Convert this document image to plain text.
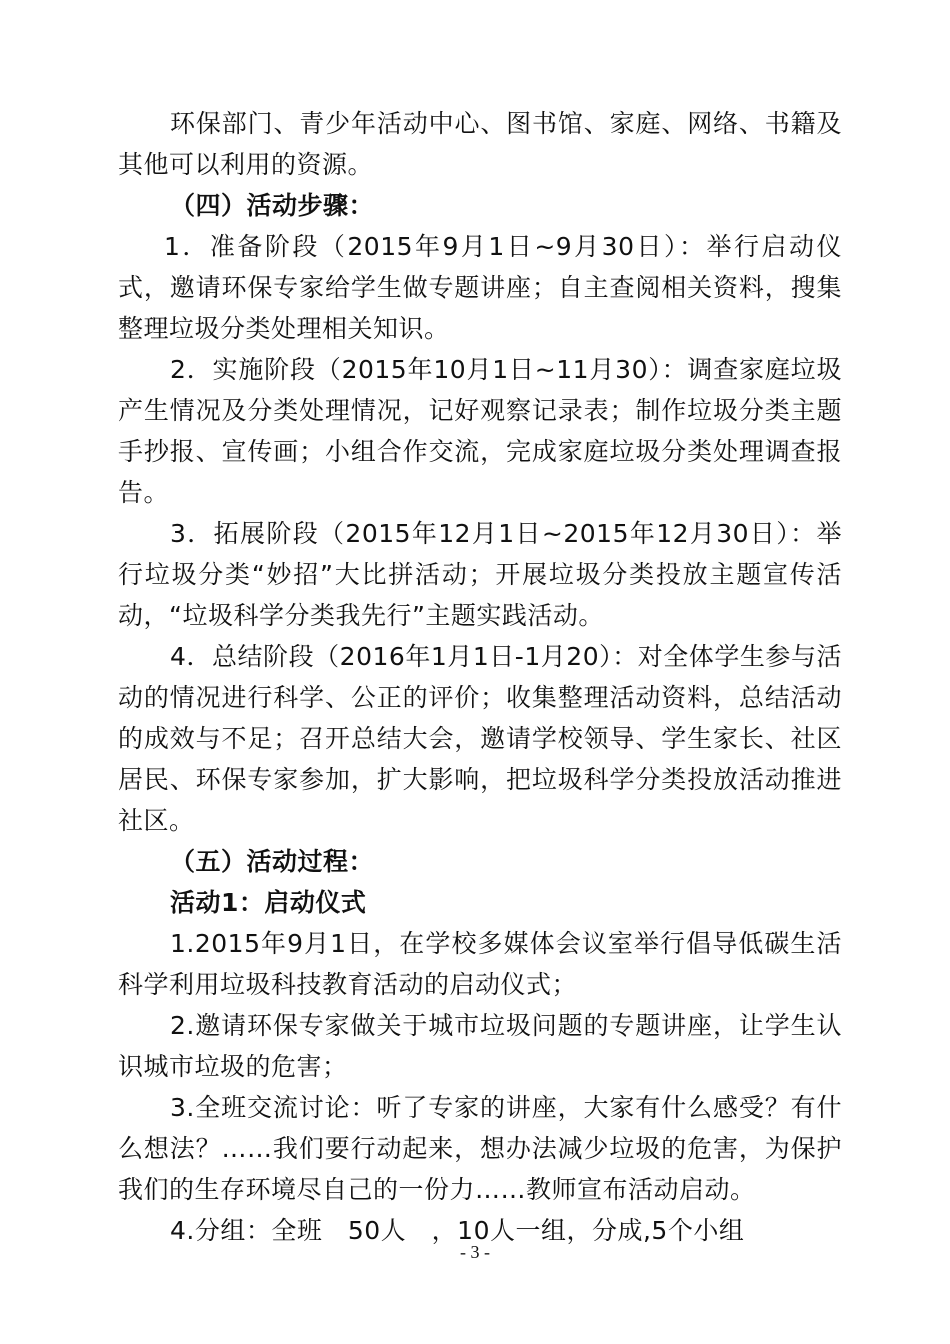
环保部门、青少年活动中心、图书馆、家庭、网络、书籍及其他可以利用的资源。

（四）活动步骤：

1．准备阶段（2015年9月1日~9月30日）：举行启动仪式，邀请环保专家给学生做专题讲座；自主查阅相关资料，搜集整理垃圾分类处理相关知识。

2．实施阶段（2015年10月1日~11月30）：调查家庭垃圾产生情况及分类处理情况，记好观察记录表；制作垃圾分类主题手抄报、宣传画；小组合作交流，完成家庭垃圾分类处理调查报告。

3．拓展阶段（2015年12月1日~2015年12月30日）：举行垃圾分类“妙招”大比拼活动；开展垃圾分类投放主题宣传活动，“垃圾科学分类我先行”主题实践活动。

4．总结阶段（2016年1月1日-1月20）：对全体学生参与活动的情况进行科学、公正的评价；收集整理活动资料，总结活动的成效与不足；召开总结大会，邀请学校领导、学生家长、社区居民、环保专家参加，扩大影响，把垃圾科学分类投放活动推进社区。

（五）活动过程：

活动1：启动仪式

1.2015年9月1日，在学校多媒体会议室举行倡导低碳生活科学利用垃圾科技教育活动的启动仪式；

2.邀请环保专家做关于城市垃圾问题的专题讲座，让学生认识城市垃圾的危害；

3.全班交流讨论：听了专家的讲座，大家有什么感受？有什么想法？……我们要行动起来，想办法减少垃圾的危害，为保护我们的生存环境尽自己的一份力……教师宣布活动启动。

4.分组：全班　50人　，10人一组，分成,5个小组

- 3 -
